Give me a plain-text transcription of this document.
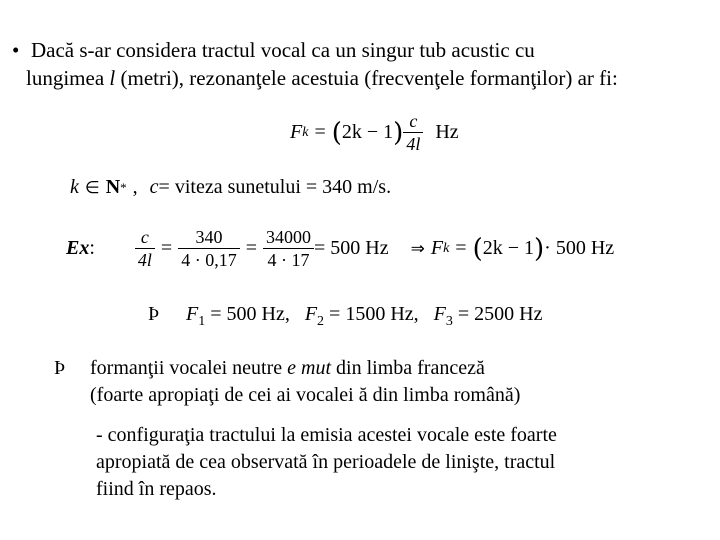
• Dacă s-ar considera tractul vocal ca un singur tub acustic cu
lungimea l (metri), rezonanţele acestuia (frecvenţele formanţilor) ar fi:
F k = ( 2k − 1 ) $\frac{c}{4l}$ Hz
k ∈ N * , c = viteza sunetului = 340 m/s.
Ex : $\frac{c}{4l} = \frac{340}{4 \cdot 0,17} = \frac{34000}{4 \cdot 17} = 500$ Hz ⇒ F k = ( 2k − 1 ) · 500 Hz
Þ $F_1 = 500$ Hz, $F_2 = 1500$ Hz, $F_3 = 2500$ Hz
Þ formanţii vocalei neutre e mut din limba franceză
(foarte apropiaţi de cei ai vocalei ă din limba română)
- configuraţia tractului la emisia acestei vocale este foarte
apropiată de cea observată în perioadele de linişte, tractul
fiind în repaos.
